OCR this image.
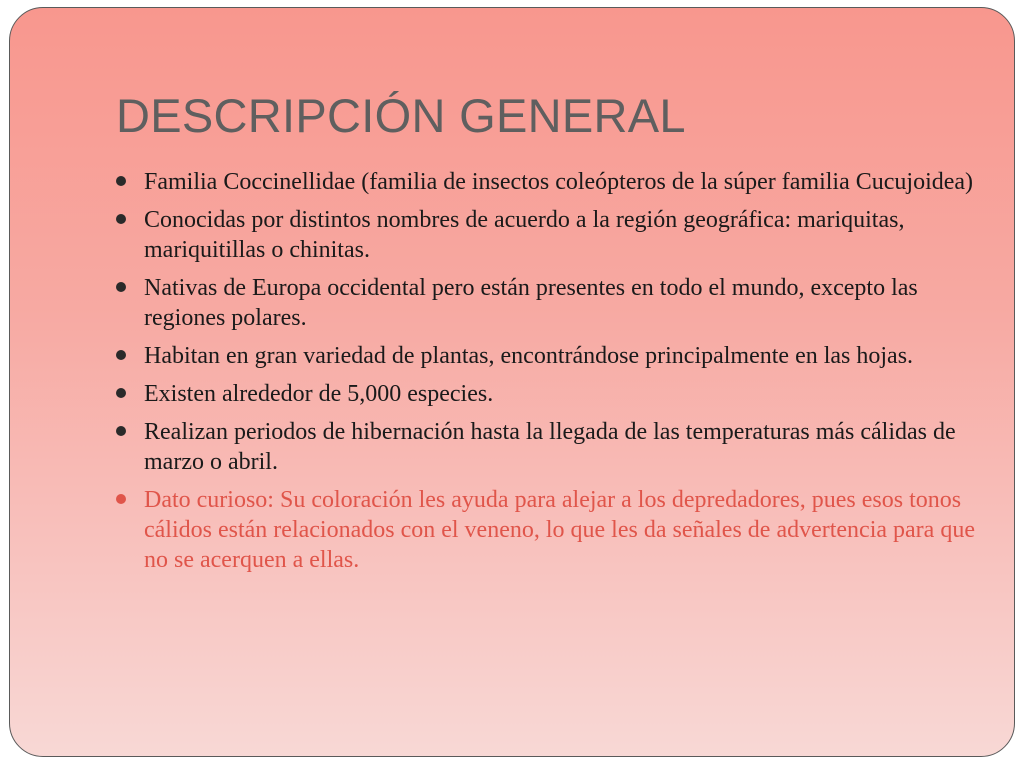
DESCRIPCIÓN GENERAL
Familia Coccinellidae (familia de insectos coleópteros de la súper familia Cucujoidea)
Conocidas por distintos nombres de acuerdo a la región geográfica: mariquitas, mariquitillas o chinitas.
Nativas de Europa occidental pero están presentes en todo el mundo, excepto las regiones polares.
Habitan en gran variedad de plantas, encontrándose principalmente en las hojas.
Existen alrededor de 5,000 especies.
Realizan periodos de hibernación hasta la llegada de las temperaturas más cálidas de marzo o abril.
Dato curioso: Su coloración les ayuda para alejar a los depredadores, pues esos tonos cálidos están relacionados con el veneno, lo que les da señales de advertencia para que no se acerquen a ellas.
